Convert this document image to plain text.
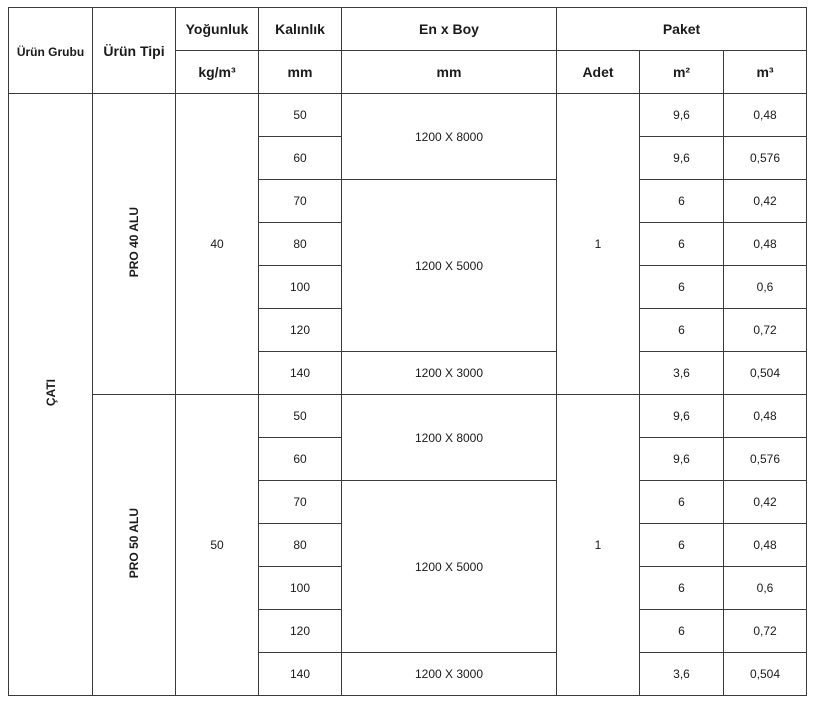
Ürün Grubu	Ürün Tipi	Yoğunluk	Kalınlık	En x Boy	Paket		
		kg/m³	mm	mm	Adet	m²	m³
ÇATI	PRO 40 ALU	40	50	1200 X 8000	1	9,6	0,48
			60			9,6	0,576
			70	1200 X 5000		6	0,42
			80			6	0,48
			100			6	0,6
			120			6	0,72
			140	1200 X 3000		3,6	0,504
	PRO 50 ALU	50	50	1200 X 8000	1	9,6	0,48
			60			9,6	0,576
			70	1200 X 5000		6	0,42
			80			6	0,48
			100			6	0,6
			120			6	0,72
			140	1200 X 3000		3,6	0,504
